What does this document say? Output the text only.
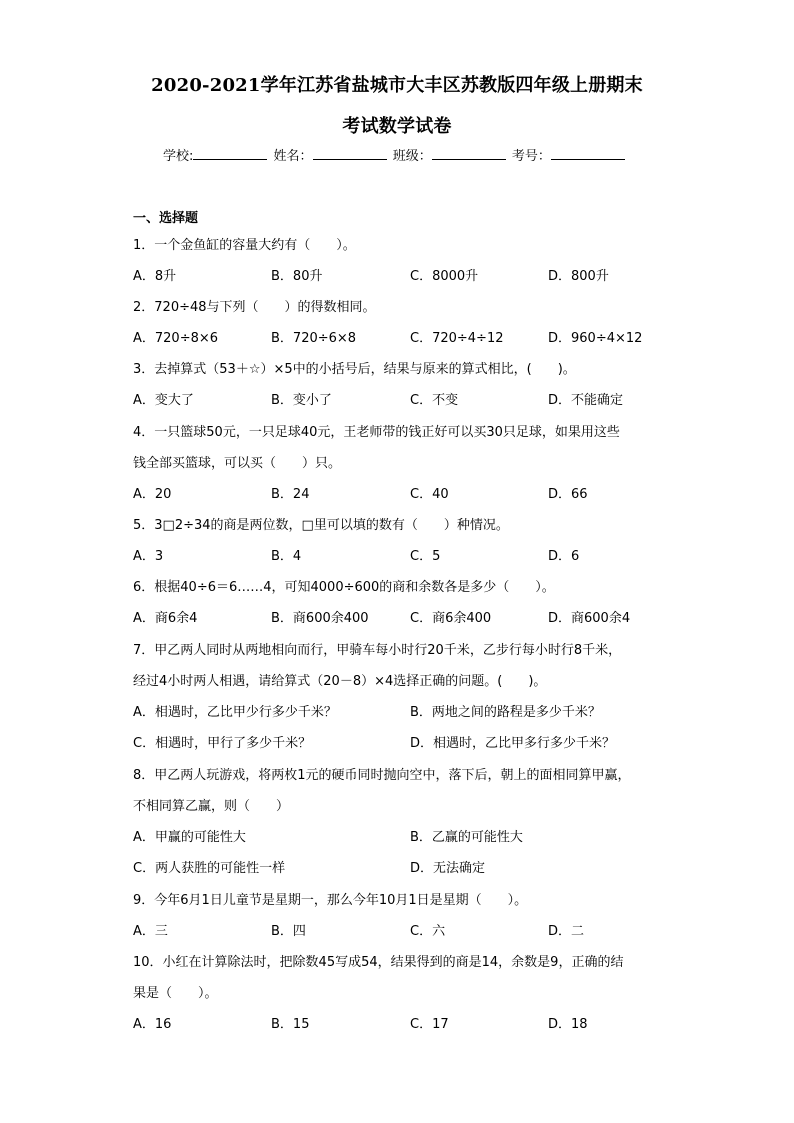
2020-2021学年江苏省盐城市大丰区苏教版四年级上册期末
考试数学试卷
学校:	姓名：	班级：	考号：
一、选择题
1．一个金鱼缸的容量大约有（　　）。
A．8升	B．80升	C．8000升	D．800升
2．720÷48与下列（　　）的得数相同。
A．720÷8×6	B．720÷6×8	C．720÷4÷12	D．960÷4×12
3．去掉算式（53＋☆）×5中的小括号后，结果与原来的算式相比，(　　)。
A．变大了	B．变小了	C．不变	D．不能确定
4．一只篮球50元，一只足球40元，王老师带的钱正好可以买30只足球，如果用这些
钱全部买篮球，可以买（　　）只。
A．20	B．24	C．40	D．66
5．3□2÷34的商是两位数，□里可以填的数有（　　）种情况。
A．3	B．4	C．5	D．6
6．根据40÷6＝6……4，可知4000÷600的商和余数各是多少（　　）。
A．商6余4	B．商600余400	C．商6余400	D．商600余4
7．甲乙两人同时从两地相向而行，甲骑车每小时行20千米，乙步行每小时行8千米，
经过4小时两人相遇，请给算式（20－8）×4选择正确的问题。(　　)。
A．相遇时，乙比甲少行多少千米？	B．两地之间的路程是多少千米？
C．相遇时，甲行了多少千米？	D．相遇时，乙比甲多行多少千米？
8．甲乙两人玩游戏，将两枚1元的硬币同时抛向空中，落下后，朝上的面相同算甲赢，
不相同算乙赢，则（　　）
A．甲赢的可能性大	B．乙赢的可能性大
C．两人获胜的可能性一样	D．无法确定
9．今年6月1日儿童节是星期一，那么今年10月1日是星期（　　）。
A．三	B．四	C．六	D．二
10．小红在计算除法时，把除数45写成54，结果得到的商是14，余数是9，正确的结
果是（　　）。
A．16	B．15	C．17	D．18
